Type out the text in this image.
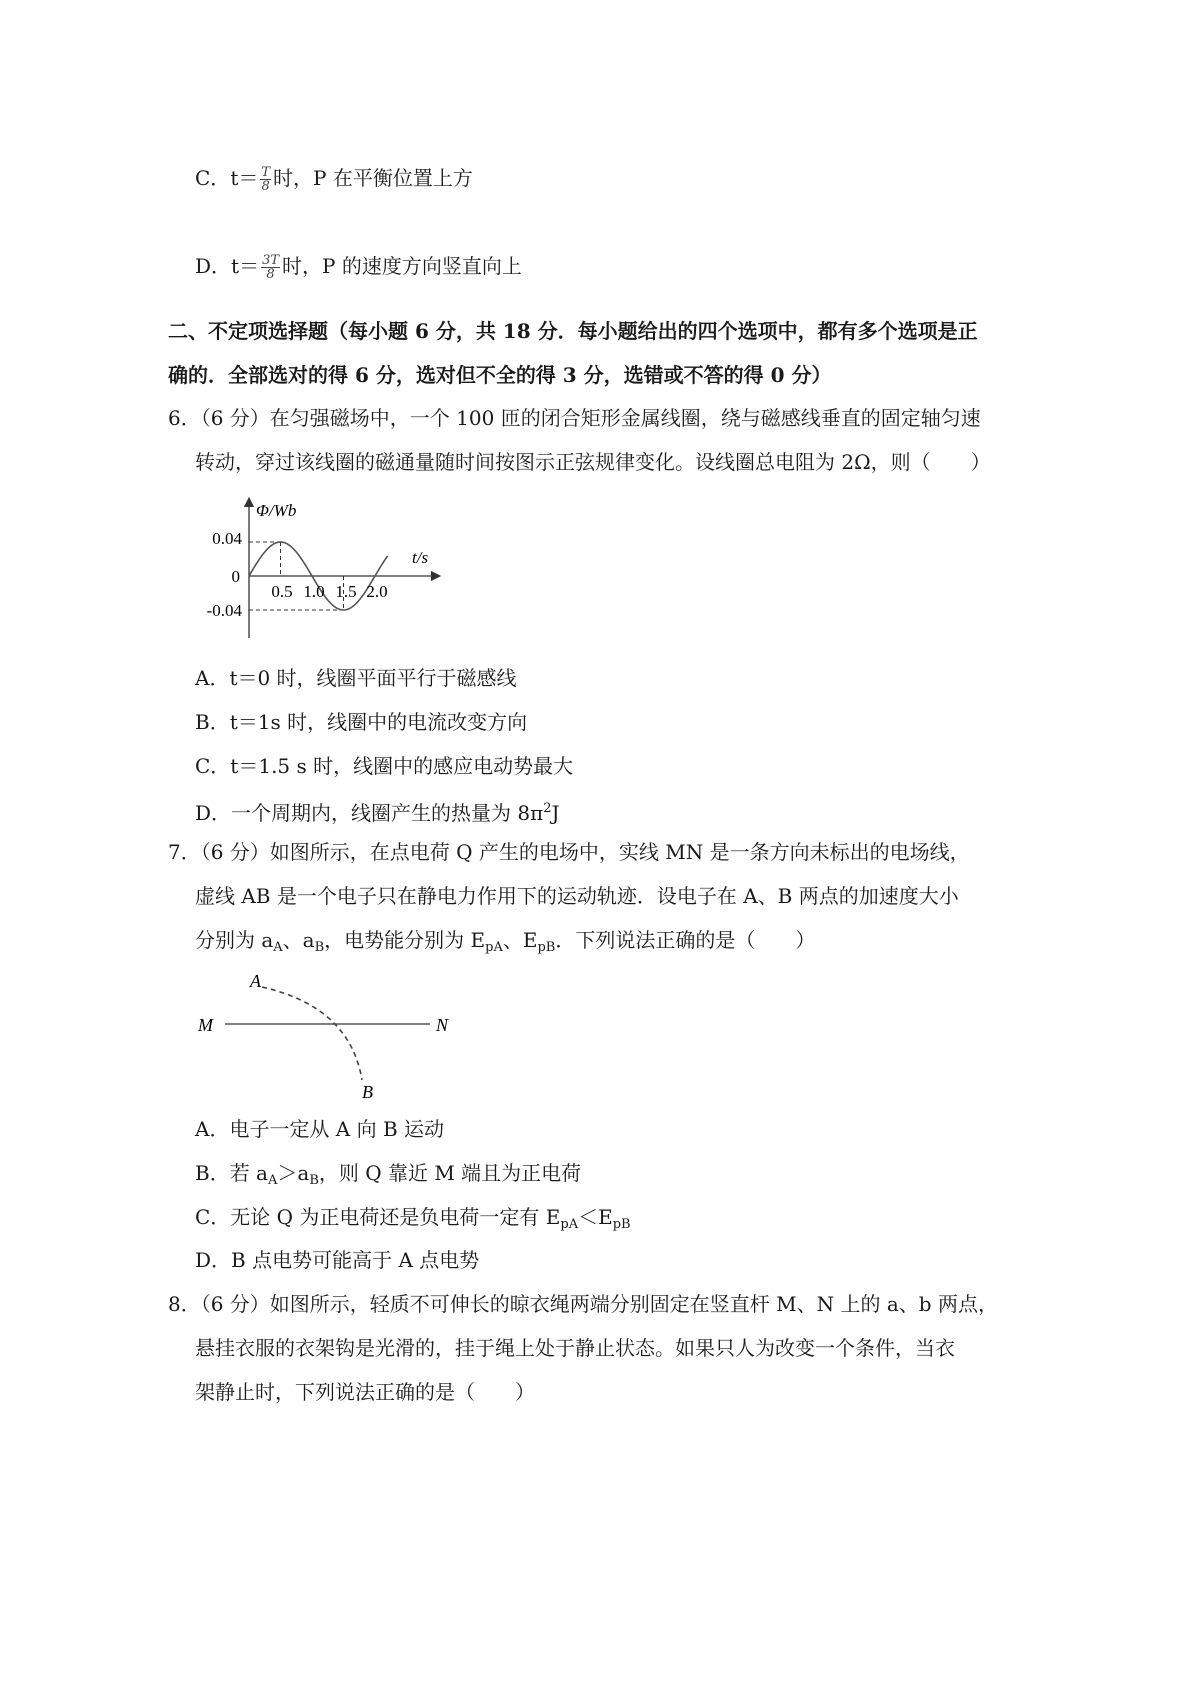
C．$t= \frac{T}{8}$ 时，P 在平衡位置上方
D．$t= \frac{3T}{8}$ 时，P 的速度方向竖直向上
二、不定项选择题（每小题 6 分，共 18 分．每小题给出的四个选项中，都有多个选项是正
确的．全部选对的得 6 分，选对但不全的得 3 分，选错或不答的得 0 分）
6．（6 分）在匀强磁场中，一个 100 匝的闭合矩形金属线圈，绕与磁感线垂直的固定轴匀速
转动，穿过该线圈的磁通量随时间按图示正弦规律变化。设线圈总电阻为 2Ω，则（　　）
Φ/Wb
t/s
0.04
0
-0.04
0.5 1.0 1.5 2.0
A．t＝0 时，线圈平面平行于磁感线
B．t＝1s 时，线圈中的电流改变方向
C．t＝1.5 s 时，线圈中的感应电动势最大
D．一个周期内，线圈产生的热量为 $8\pi^2J$
7．（6 分）如图所示，在点电荷 Q 产生的电场中，实线 MN 是一条方向未标出的电场线，
虚线 AB 是一个电子只在静电力作用下的运动轨迹．设电子在 A、B 两点的加速度大小
分别为 $a_A$、$a_B$，电势能分别为 $E_{pA}$、$E_{pB}$．下列说法正确的是（　　）
A
B
M	N
A．电子一定从 A 向 B 运动
B．若 $a_A>a_B$，则 Q 靠近 M 端且为正电荷
C．无论 Q 为正电荷还是负电荷一定有 $E_{pA}<E_{pB}$
D．B 点电势可能高于 A 点电势
8．（6 分）如图所示，轻质不可伸长的晾衣绳两端分别固定在竖直杆 M、N 上的 a、b 两点，
悬挂衣服的衣架钩是光滑的，挂于绳上处于静止状态。如果只人为改变一个条件，当衣
架静止时，下列说法正确的是（　　）
